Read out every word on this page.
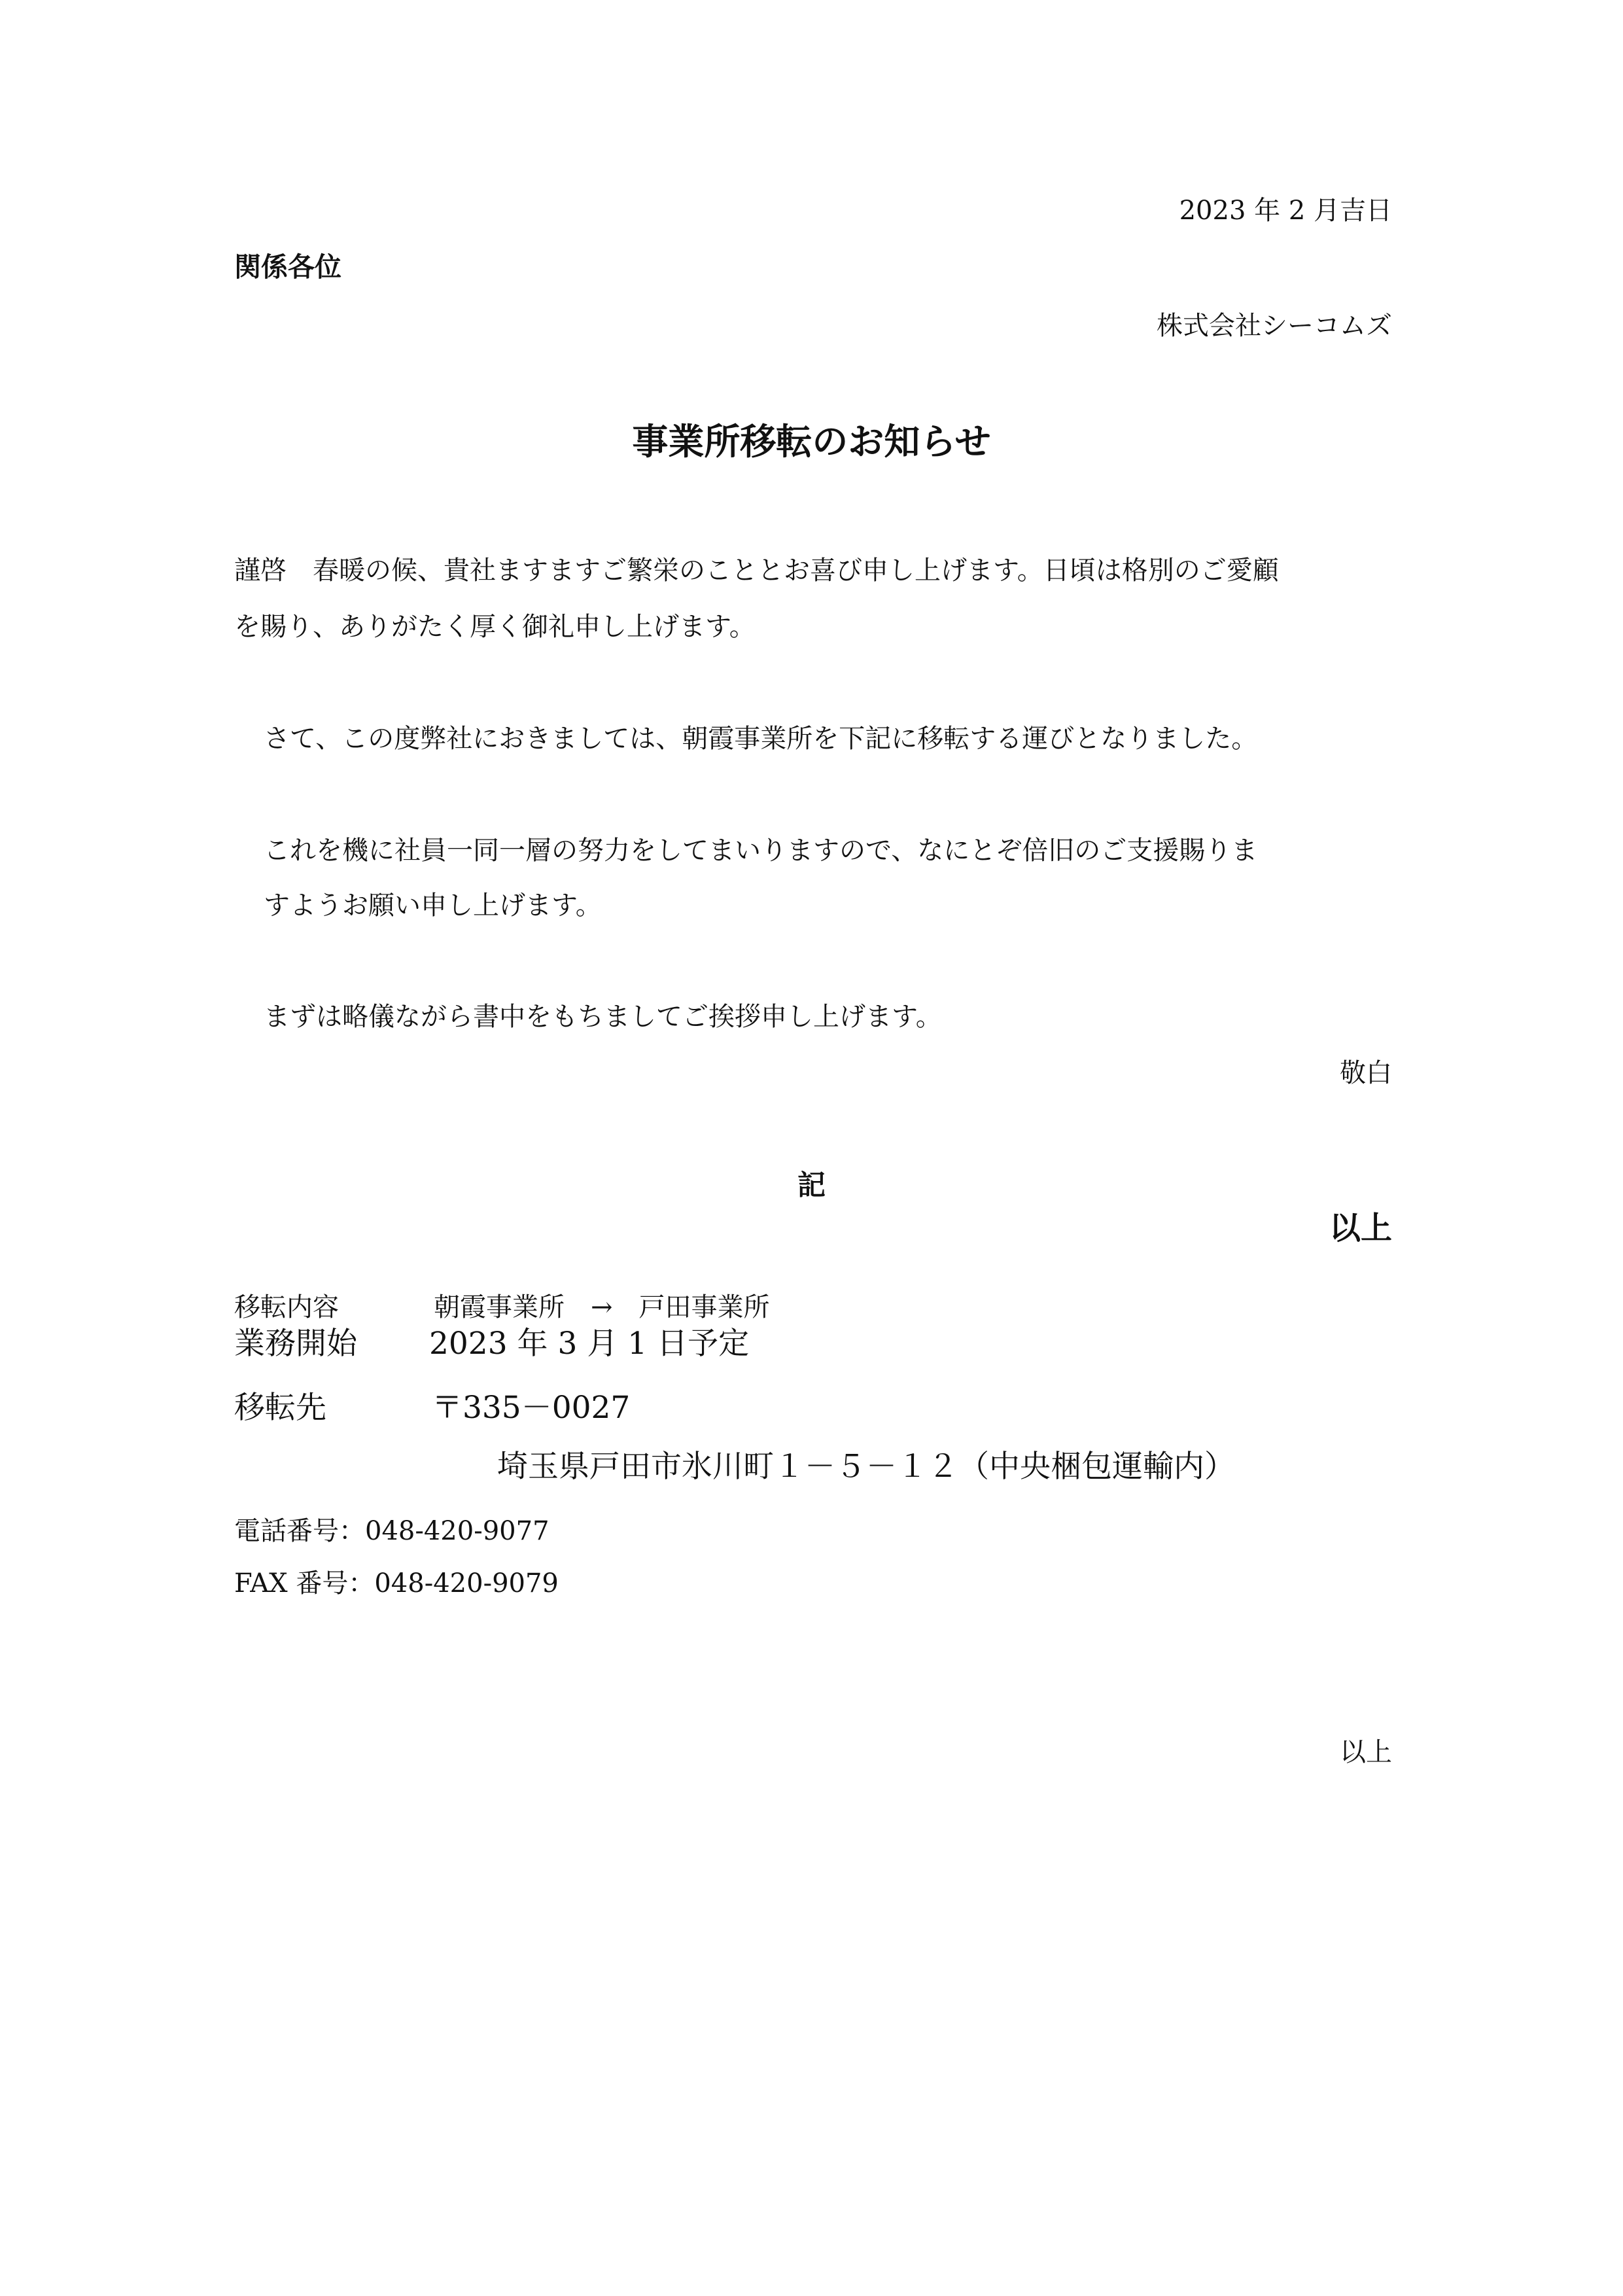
2023 年 2 月吉日
関係各位
株式会社シーコムズ
事業所移転のお知らせ
謹啓　春暖の候、貴社ますますご繁栄のこととお喜び申し上げます。日頃は格別のご愛顧
を賜り、ありがたく厚く御礼申し上げます。
さて、この度弊社におきましては、朝霞事業所を下記に移転する運びとなりました。
これを機に社員一同一層の努力をしてまいりますので、なにとぞ倍旧のご支援賜りま
すようお願い申し上げます。
まずは略儀ながら書中をもちましてご挨拶申し上げます。
敬白
記
以上
移転内容	朝霞事業所　→　戸田事業所
業務開始 2023 年 3 月 1 日予定
移転先	〒335－0027
埼玉県戸田市氷川町１－５－１２（中央梱包運輸内）
電話番号：048-420-9077
FAX 番号：048-420-9079
以上
